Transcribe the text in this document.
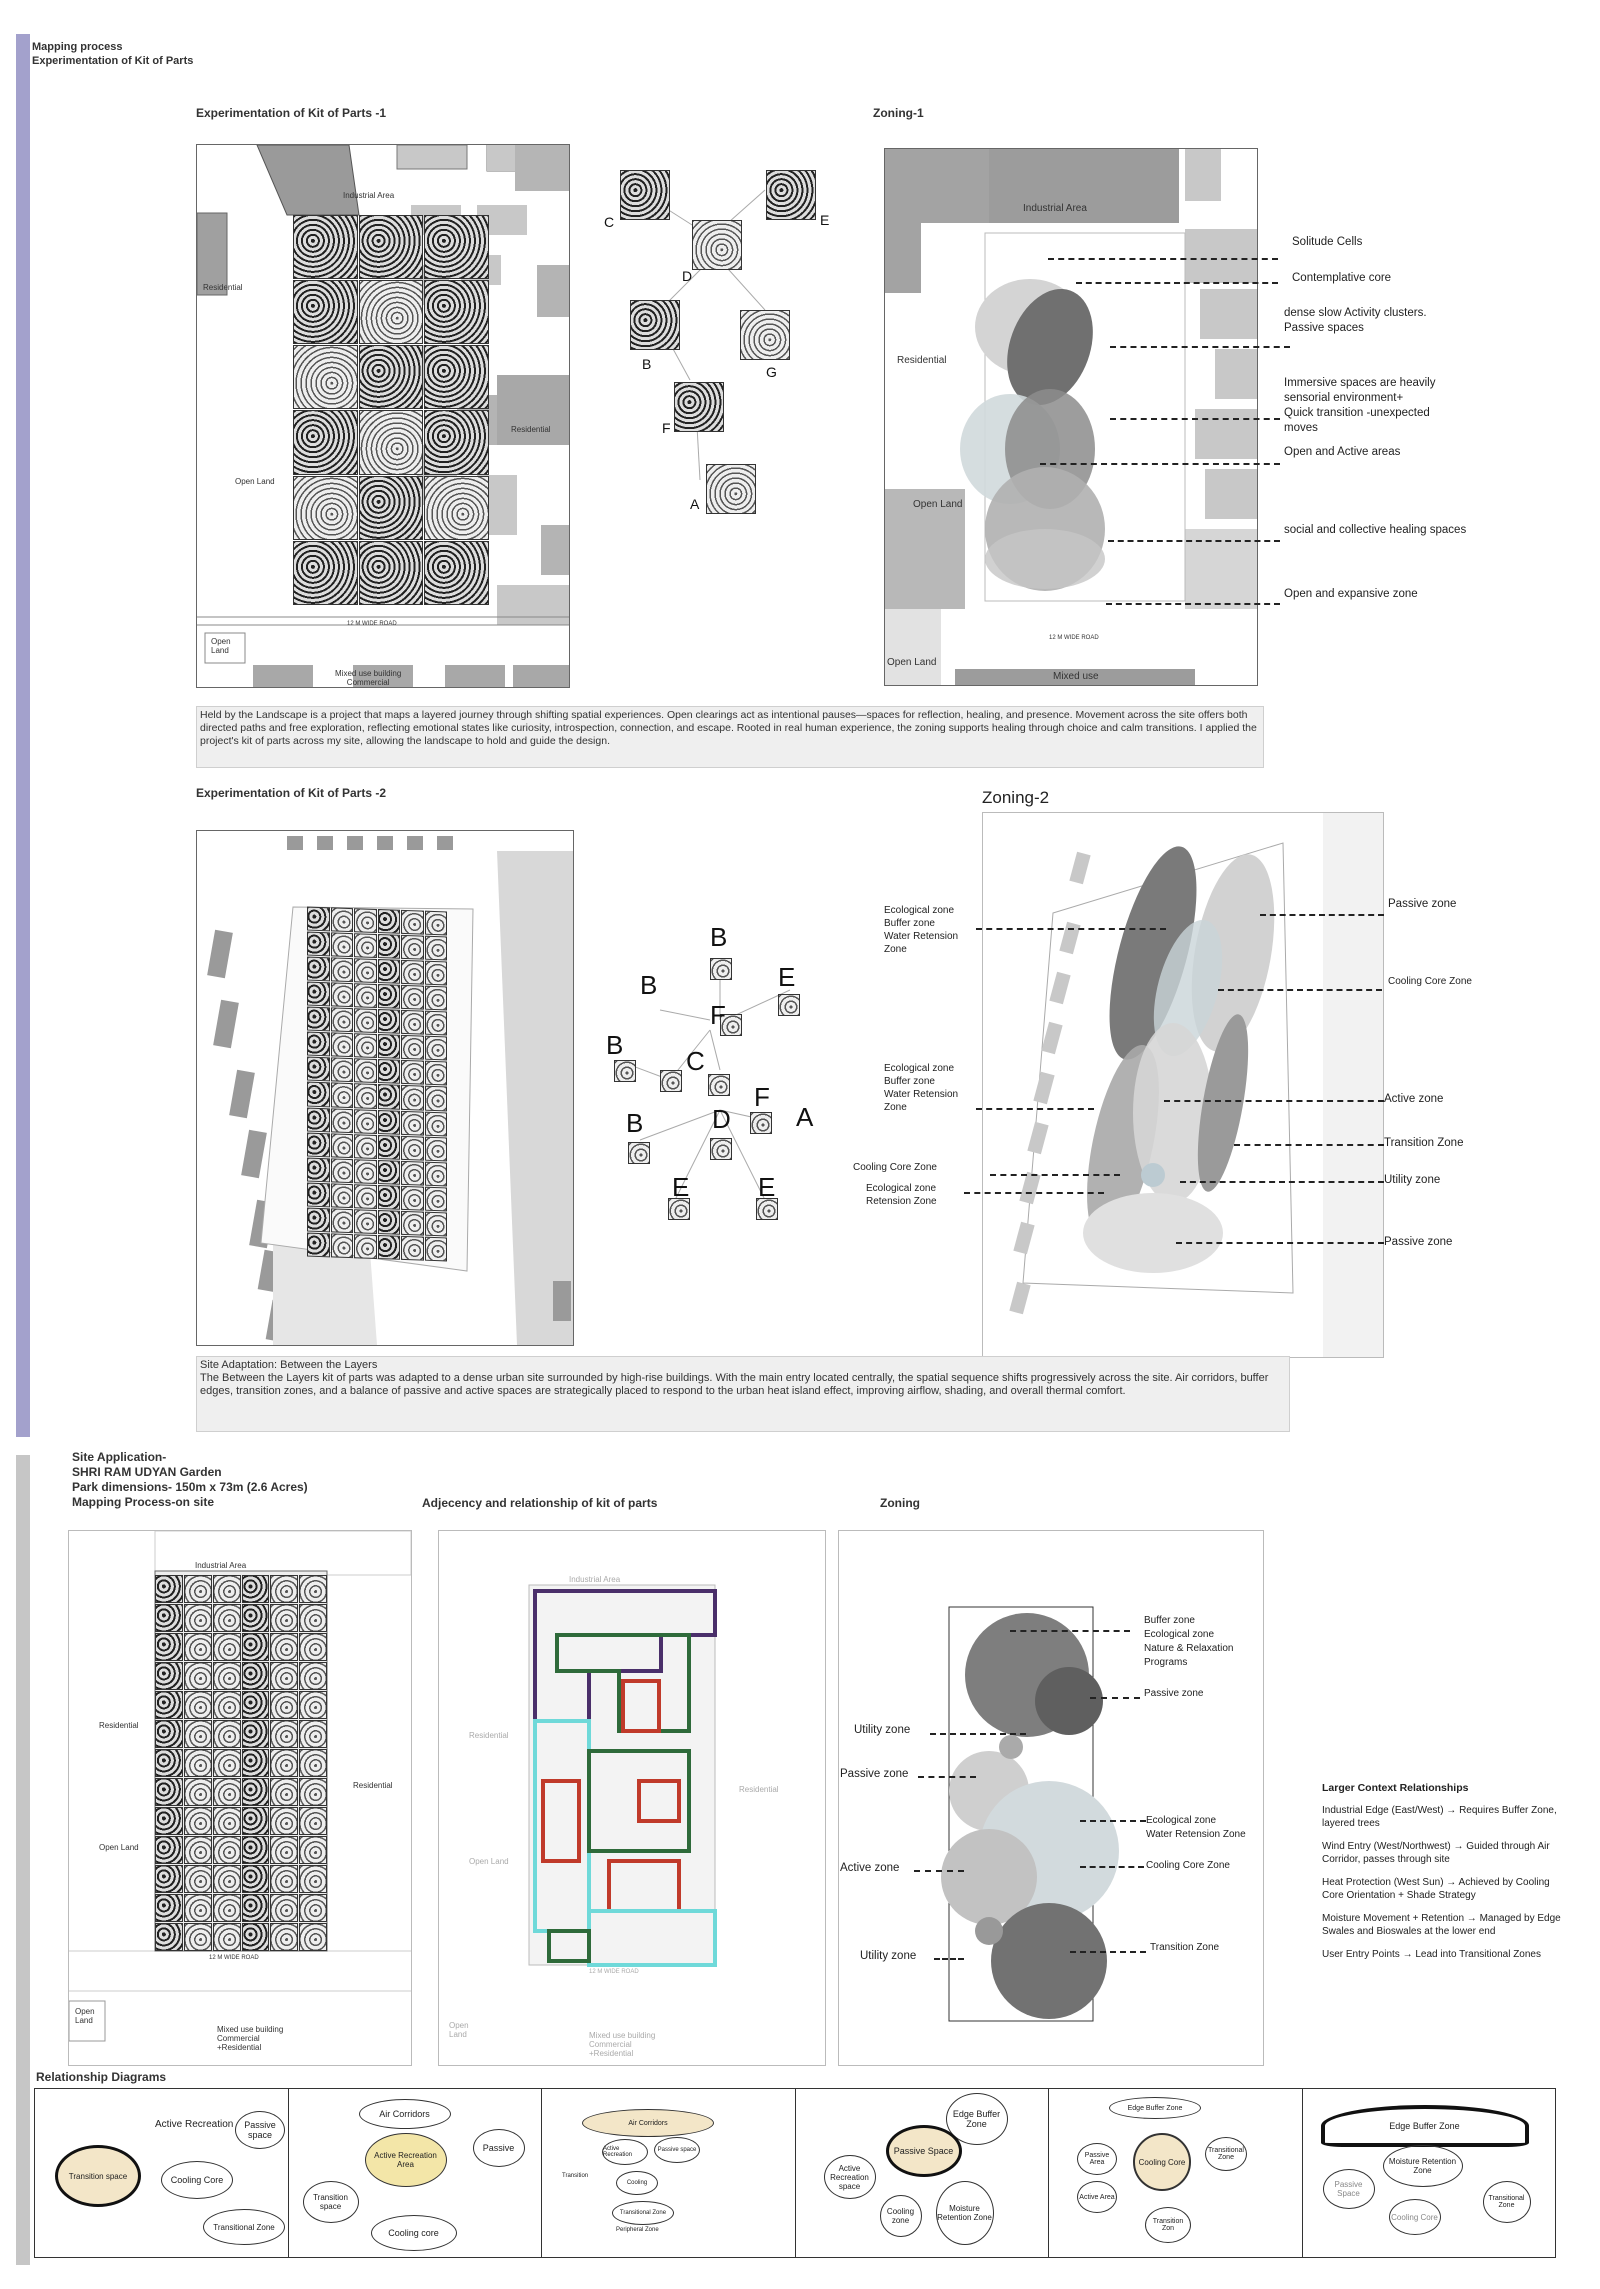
Mapping process
Experimentation of Kit of Parts
Experimentation of Kit of Parts -1
Industrial Area
Residential
Residential
Open Land
12 M WIDE ROAD
Open
Land
Mixed use building
Commercial
C	E
D
B	G
F
A
Zoning-1
Industrial Area
Residential
Open Land
Open Land
Mixed use
12 M WIDE ROAD
Solitude Cells
Contemplative core
dense slow Activity clusters.
Passive spaces
Immersive spaces are heavily
sensorial environment+
Quick transition -unexpected
moves
Open and Active areas
social and collective healing spaces
Open and expansive zone
Held by the Landscape is a project that maps a layered journey through shifting spatial experiences. Open clearings act as intentional pauses—spaces for reflection, healing, and presence. Movement across the site offers both directed paths and free exploration, reflecting emotional states like curiosity, introspection, connection, and escape. Rooted in real human experience, the zoning supports healing through choice and calm transitions. I applied the project's kit of parts across my site, allowing the landscape to hold and guide the design.
Experimentation of Kit of Parts -2
B
B
E
F
B
C
F
A
B	D
E	E
Zoning-2
Ecological zone
Buffer zone
Water Retension
Zone
Ecological zone
Buffer zone
Water Retension
Zone
Cooling Core Zone
Ecological zone
Retension Zone
Passive zone
Cooling Core Zone
Active zone
Transition Zone
Utility zone
Passive zone
Site Adaptation: Between the Layers
The Between the Layers kit of parts was adapted to a dense urban site surrounded by high-rise buildings. With the main entry located centrally, the spatial sequence shifts progressively across the site. Air corridors, buffer edges, transition zones, and a balance of passive and active spaces are strategically placed to respond to the urban heat island effect, improving airflow, shading, and overall thermal comfort.
Site Application-
SHRI RAM UDYAN Garden
Park dimensions- 150m x 73m (2.6 Acres)
Mapping Process-on site	Adjecency and relationship of kit of parts	Zoning
Industrial Area
Residential
Residential
Open Land
12 M WIDE ROAD
Open
Land
Mixed use building
Commercial
+Residential
Industrial Area
Residential
Residential
Open Land
12 M WIDE ROAD
Open
Land	Mixed use building
Commercial
+Residential
Buffer zone
Ecological zone
Nature & Relaxation
Programs
Passive zone
Ecological zone
Water Retension Zone
Cooling Core Zone
Transition Zone
Utility zone
Passive zone
Active zone
Utility zone
Larger Context Relationships
Industrial Edge (East/West) → Requires Buffer Zone, layered trees
Wind Entry (West/Northwest) → Guided through Air Corridor, passes through site
Heat Protection (West Sun) → Achieved by Cooling Core Orientation + Shade Strategy
Moisture Movement + Retention → Managed by Edge Swales and Bioswales at the lower end
User Entry Points → Lead into Transitional Zones
Relationship Diagrams
Transition space
Active Recreation	Passive space
Cooling Core
Transitional Zone
Air Corridors
Active Recreation Area
Passive
Transition space
Cooling core
Air Corridors
Active Recreation
Passive space
Cooling
Transition
Transitional Zone
Peripheral Zone
Edge Buffer Zone
Passive Space
Active Recreation space
Cooling zone
Moisture Retention Zone
Edge Buffer Zone
Passive Area	Cooling Core
Transitional Zone
Active Area
Transition Zon
Edge Buffer Zone
Moisture Retention Zone
Passive Space
Cooling Core
Transitional Zone
